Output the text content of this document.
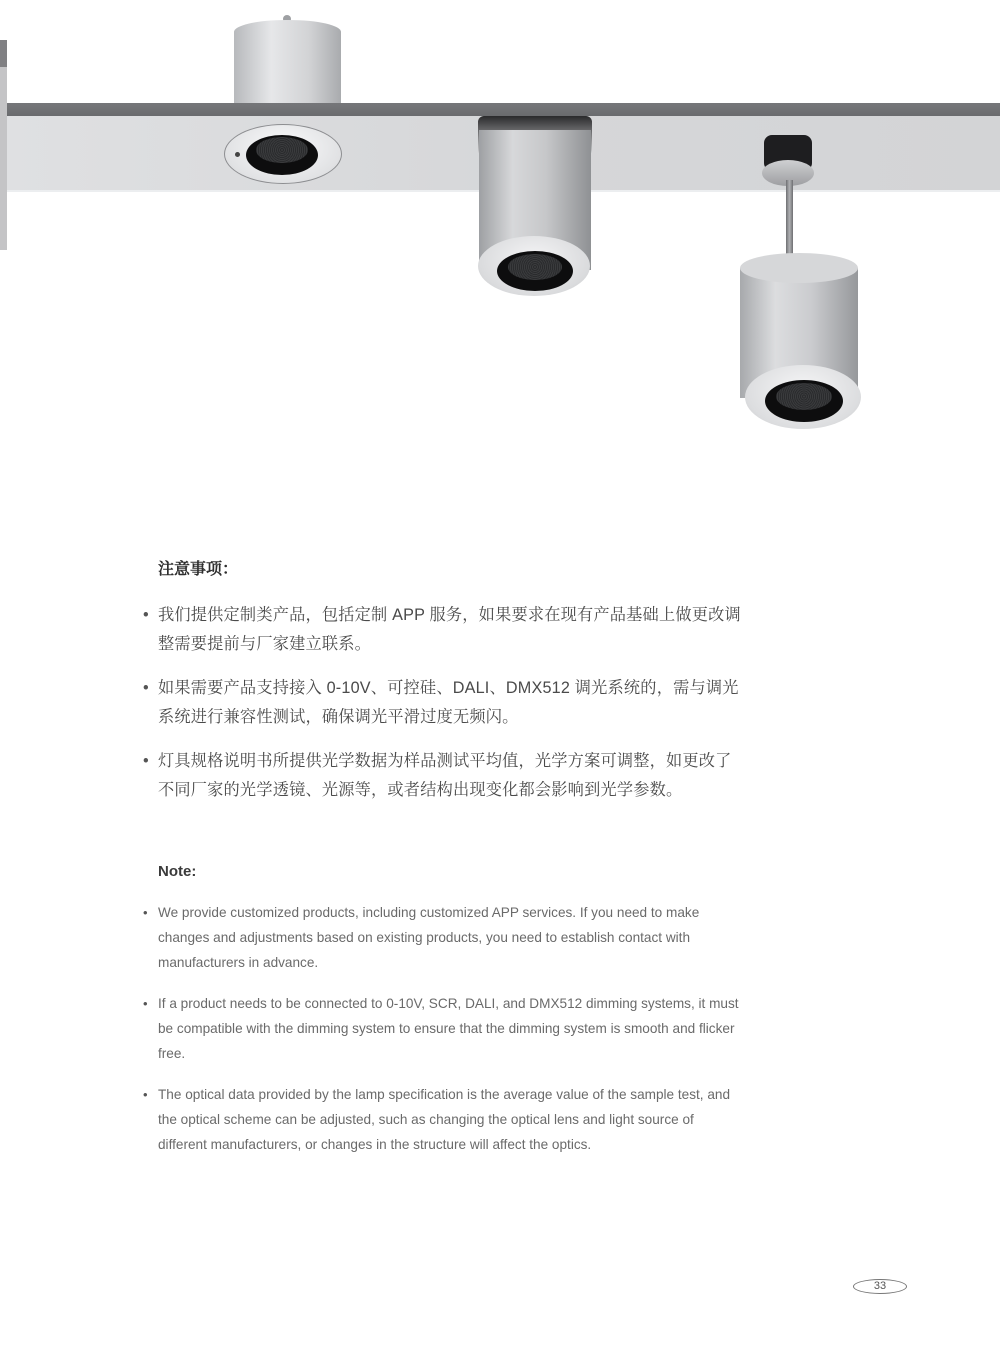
注意事项：
• 我们提供定制类产品，包括定制 APP 服务，如果要求在现有产品基础上做更改调整需要提前与厂家建立联系。
• 如果需要产品支持接入 0-10V、可控硅、DALI、DMX512 调光系统的，需与调光系统进行兼容性测试，确保调光平滑过度无频闪。
• 灯具规格说明书所提供光学数据为样品测试平均值，光学方案可调整，如更改了不同厂家的光学透镜、光源等，或者结构出现变化都会影响到光学参数。
Note:
• We provide customized products, including customized APP services. If you need to make changes and adjustments based on existing products, you need to establish contact with manufacturers in advance.
• If a product needs to be connected to 0-10V, SCR, DALI, and DMX512 dimming systems, it must be compatible with the dimming system to ensure that the dimming system is smooth and flicker free.
• The optical data provided by the lamp specification is the average value of the sample test, and the optical scheme can be adjusted, such as changing the optical lens and light source of different manufacturers, or changes in the structure will affect the optics.
33
